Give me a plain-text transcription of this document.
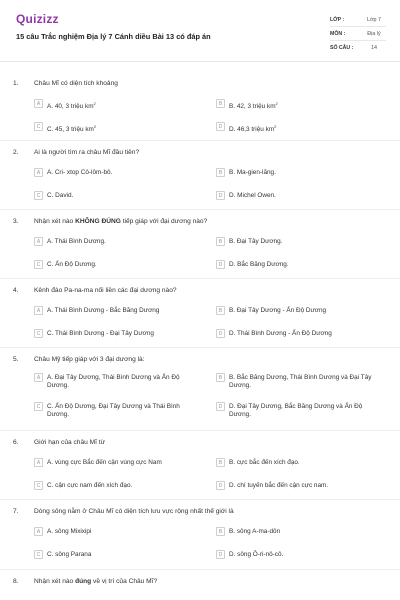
Quizizz
15 câu Trắc nghiệm Địa lý 7 Cánh diều Bài 13 có đáp án
LỚP :	Lớp 7
MÔN :	Địa lý
SỐ CÂU :	14
1. Châu Mĩ có diện tích khoảng
A	A. 40, 3 triệu $km^2$	B	B. 42, 3 triệu $km^2$
C	C. 45, 3 triệu $km^2$	D	D. 46,3 triệu $km^2$
2. Ai là người tìm ra châu Mĩ đầu tiên?
A	A. Cri- xtop Cô-lôm-bô.	B	B. Ma-gien-lăng.
C	C. David.	D	D. Michel Owen.
3. Nhận xét nào KHÔNG ĐÚNG tiếp giáp với đại dương nào?
A	A. Thái Bình Dương.	B	B. Đại Tây Dương.
C	C. Ấn Độ Dương.	D	D. Bắc Băng Dương.
4. Kênh đào Pa-na-ma nối liền các đại dương nào?
A	A. Thái Bình Dương - Bắc Băng Dương	B	B. Đại Tây Dương - Ấn Độ Dương
C	C. Thái Bình Dương - Đại Tây Dương	D	D. Thái Bình Dương - Ấn Độ Dương
5. Châu Mỹ tiếp giáp với 3 đại dương là:
A	A. Đại Tây Dương, Thái Bình Dương và Ấn Độ Dương.
B	B. Bắc Băng Dương, Thái Bình Dương và Đại Tây Dương.
C	C. Ấn Độ Dương, Đại Tây Dương và Thái Bình Dương.
D	D. Đại Tây Dương, Bắc Băng Dương và Ấn Độ Dương.
6. Giới hạn của châu Mĩ từ
A	A. vùng cực Bắc đến cận vùng cực Nam	B	B. cực bắc đến xích đạo.
C	C. cận cực nam đến xích đạo.	D	D. chí tuyến bắc đến cận cực nam.
7. Dòng sông nằm ở Châu Mĩ có diện tích lưu vực rộng nhất thế giới là
A	A. sông Mixixipi	B	B. sông A-ma-dôn
C	C. sông Parana	D	D. sông Ô-ri-nô-cô.
8. Nhận xét nào đúng về vị trí của Châu Mĩ?
